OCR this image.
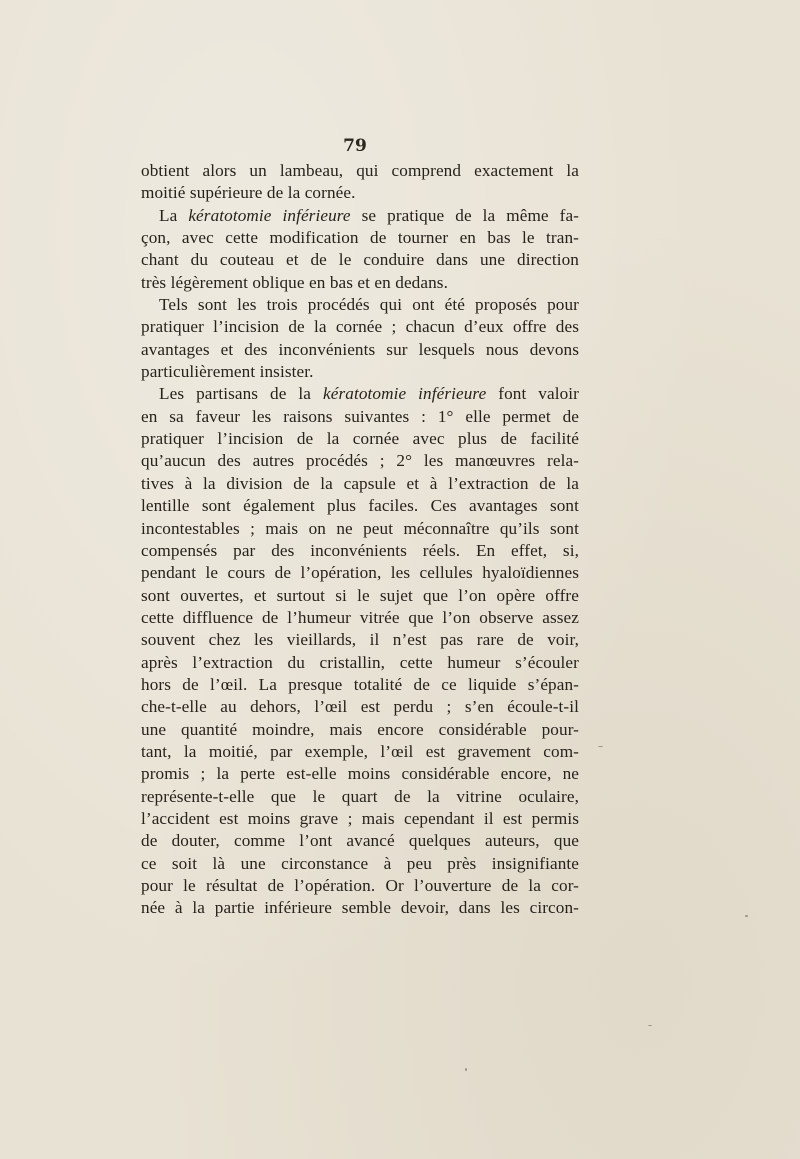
79
obtient alors un lambeau, qui comprend exactement la
moitié supérieure de la cornée.
La kératotomie inférieure se pratique de la même fa-
çon, avec cette modification de tourner en bas le tran-
chant du couteau et de le conduire dans une direction
très légèrement oblique en bas et en dedans.
Tels sont les trois procédés qui ont été proposés pour
pratiquer l’incision de la cornée ; chacun d’eux offre des
avantages et des inconvénients sur lesquels nous devons
particulièrement insister.
Les partisans de la kératotomie inférieure font valoir
en sa faveur les raisons suivantes : 1° elle permet de
pratiquer l’incision de la cornée avec plus de facilité
qu’aucun des autres procédés ; 2° les manœuvres rela-
tives à la division de la capsule et à l’extraction de la
lentille sont également plus faciles. Ces avantages sont
incontestables ; mais on ne peut méconnaître qu’ils sont
compensés par des inconvénients réels. En effet, si,
pendant le cours de l’opération, les cellules hyaloïdiennes
sont ouvertes, et surtout si le sujet que l’on opère offre
cette diffluence de l’humeur vitrée que l’on observe assez
souvent chez les vieillards, il n’est pas rare de voir,
après l’extraction du cristallin, cette humeur s’écouler
hors de l’œil. La presque totalité de ce liquide s’épan-
che-t-elle au dehors, l’œil est perdu ; s’en écoule-t-il
une quantité moindre, mais encore considérable pour-
tant, la moitié, par exemple, l’œil est gravement com-
promis ; la perte est-elle moins considérable encore, ne
représente-t-elle que le quart de la vitrine oculaire,
l’accident est moins grave ; mais cependant il est permis
de douter, comme l’ont avancé quelques auteurs, que
ce soit là une circonstance à peu près insignifiante
pour le résultat de l’opération. Or l’ouverture de la cor-
née à la partie inférieure semble devoir, dans les circon-
